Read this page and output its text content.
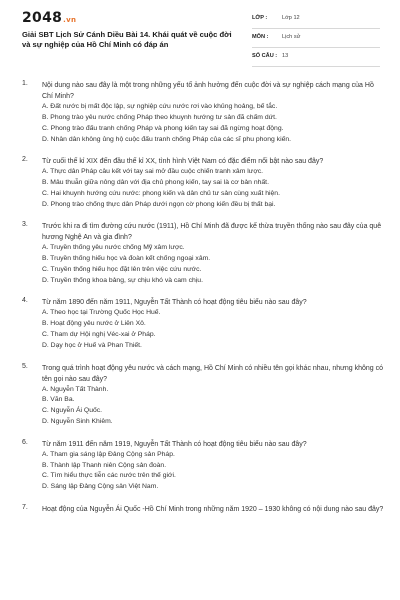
2048.vn
Giải SBT Lịch Sử Cánh Diều Bài 14. Khái quát về cuộc đời và sự nghiệp của Hồ Chí Minh có đáp án
LỚP :	Lớp 12
MÔN : Lịch sử
SỐ CÂU : 13
1. Nội dung nào sau đây là một trong những yếu tố ảnh hưởng đến cuộc đời và sự nghiệp cách mạng của Hồ Chí Minh?
A. Đất nước bị mất độc lập, sự nghiệp cứu nước rơi vào khủng hoảng, bế tắc.
B. Phong trào yêu nước chống Pháp theo khuynh hướng tư sản đã chấm dứt.
C. Phong trào đấu tranh chống Pháp và phong kiến tay sai đã ngừng hoạt động.
D. Nhân dân không ủng hộ cuộc đấu tranh chống Pháp của các sĩ phu phong kiến.
2. Từ cuối thế kỉ XIX đến đầu thế kỉ XX, tình hình Việt Nam có đặc điểm nổi bật nào sau đây?
A. Thực dân Pháp câu kết với tay sai mở đầu cuộc chiến tranh xâm lược.
B. Mâu thuẫn giữa nông dân với địa chủ phong kiến, tay sai là cơ bản nhất.
C. Hai khuynh hướng cứu nước: phong kiến và dân chủ tư sản cùng xuất hiện.
D. Phong trào chống thực dân Pháp dưới ngọn cờ phong kiến đều bị thất bại.
3. Trước khi ra đi tìm đường cứu nước (1911), Hồ Chí Minh đã được kế thừa truyền thống nào sau đây của quê hương Nghệ An và gia đình?
A. Truyền thống yêu nước chống Mỹ xâm lược.
B. Truyền thống hiếu học và đoàn kết chống ngoại xâm.
C. Truyền thống hiếu học đặt lên trên việc cứu nước.
D. Truyền thống khoa bảng, sự chịu khó và cam chịu.
4. Từ năm 1890 đến năm 1911, Nguyễn Tất Thành có hoạt động tiêu biểu nào sau đây?
A. Theo học tại Trường Quốc Học Huế.
B. Hoạt động yêu nước ở Liên Xô.
C. Tham dự Hội nghị Véc-xai ở Pháp.
D. Dạy học ở Huế và Phan Thiết.
5. Trong quá trình hoạt động yêu nước và cách mạng, Hồ Chí Minh có nhiều tên gọi khác nhau, nhưng không có tên gọi nào sau đây?
A. Nguyễn Tất Thành.
B. Văn Ba.
C. Nguyễn Ái Quốc.
D. Nguyễn Sinh Khiêm.
6. Từ năm 1911 đến năm 1919, Nguyễn Tất Thành có hoạt động tiêu biểu nào sau đây?
A. Tham gia sáng lập Đảng Cộng sản Pháp.
B. Thành lập Thanh niên Cộng sản đoàn.
C. Tìm hiểu thực tiễn các nước trên thế giới.
D. Sáng lập Đảng Cộng sản Việt Nam.
7. Hoạt động của Nguyễn Ái Quốc -Hồ Chí Minh trong những năm 1920 – 1930 không có nội dung nào sau đây?
